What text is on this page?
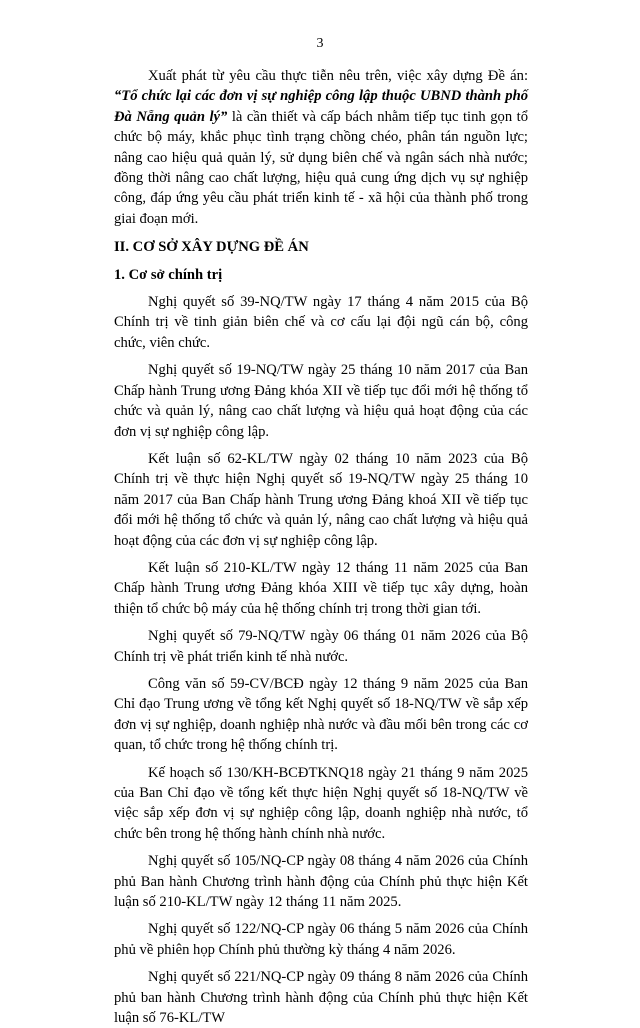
3

Xuất phát từ yêu cầu thực tiễn nêu trên, việc xây dựng Đề án: “Tổ chức lại các đơn vị sự nghiệp công lập thuộc UBND thành phố Đà Nẵng quản lý” là cần thiết và cấp bách nhằm tiếp tục tinh gọn tổ chức bộ máy, khắc phục tình trạng chồng chéo, phân tán nguồn lực; nâng cao hiệu quả quản lý, sử dụng biên chế và ngân sách nhà nước; đồng thời nâng cao chất lượng, hiệu quả cung ứng dịch vụ sự nghiệp công, đáp ứng yêu cầu phát triển kinh tế - xã hội của thành phố trong giai đoạn mới.

II. CƠ SỞ XÂY DỰNG ĐỀ ÁN

1. Cơ sở chính trị

Nghị quyết số 39-NQ/TW ngày 17 tháng 4 năm 2015 của Bộ Chính trị về tinh giản biên chế và cơ cấu lại đội ngũ cán bộ, công chức, viên chức.

Nghị quyết số 19-NQ/TW ngày 25 tháng 10 năm 2017 của Ban Chấp hành Trung ương Đảng khóa XII về tiếp tục đổi mới hệ thống tổ chức và quản lý, nâng cao chất lượng và hiệu quả hoạt động của các đơn vị sự nghiệp công lập.

Kết luận số 62-KL/TW ngày 02 tháng 10 năm 2023 của Bộ Chính trị về thực hiện Nghị quyết số 19-NQ/TW ngày 25 tháng 10 năm 2017 của Ban Chấp hành Trung ương Đảng khoá XII về tiếp tục đổi mới hệ thống tổ chức và quản lý, nâng cao chất lượng và hiệu quả hoạt động của các đơn vị sự nghiệp công lập.

Kết luận số 210-KL/TW ngày 12 tháng 11 năm 2025 của Ban Chấp hành Trung ương Đảng khóa XIII về tiếp tục xây dựng, hoàn thiện tổ chức bộ máy của hệ thống chính trị trong thời gian tới.

Nghị quyết số 79-NQ/TW ngày 06 tháng 01 năm 2026 của Bộ Chính trị về phát triển kinh tế nhà nước.

Công văn số 59-CV/BCĐ ngày 12 tháng 9 năm 2025 của Ban Chỉ đạo Trung ương về tổng kết Nghị quyết số 18-NQ/TW về sắp xếp đơn vị sự nghiệp, doanh nghiệp nhà nước và đầu mối bên trong các cơ quan, tổ chức trong hệ thống chính trị.

Kế hoạch số 130/KH-BCĐTKNQ18 ngày 21 tháng 9 năm 2025 của Ban Chỉ đạo về tổng kết thực hiện Nghị quyết số 18-NQ/TW về việc sắp xếp đơn vị sự nghiệp công lập, doanh nghiệp nhà nước, tổ chức bên trong hệ thống hành chính nhà nước.

Nghị quyết số 105/NQ-CP ngày 08 tháng 4 năm 2026 của Chính phủ Ban hành Chương trình hành động của Chính phủ thực hiện Kết luận số 210-KL/TW ngày 12 tháng 11 năm 2025.

Nghị quyết số 122/NQ-CP ngày 06 tháng 5 năm 2026 của Chính phủ về phiên họp Chính phủ thường kỳ tháng 4 năm 2026.

Nghị quyết số 221/NQ-CP ngày 09 tháng 8 năm 2026 của Chính phủ ban hành Chương trình hành động của Chính phủ thực hiện Kết luận số 76-KL/TW
